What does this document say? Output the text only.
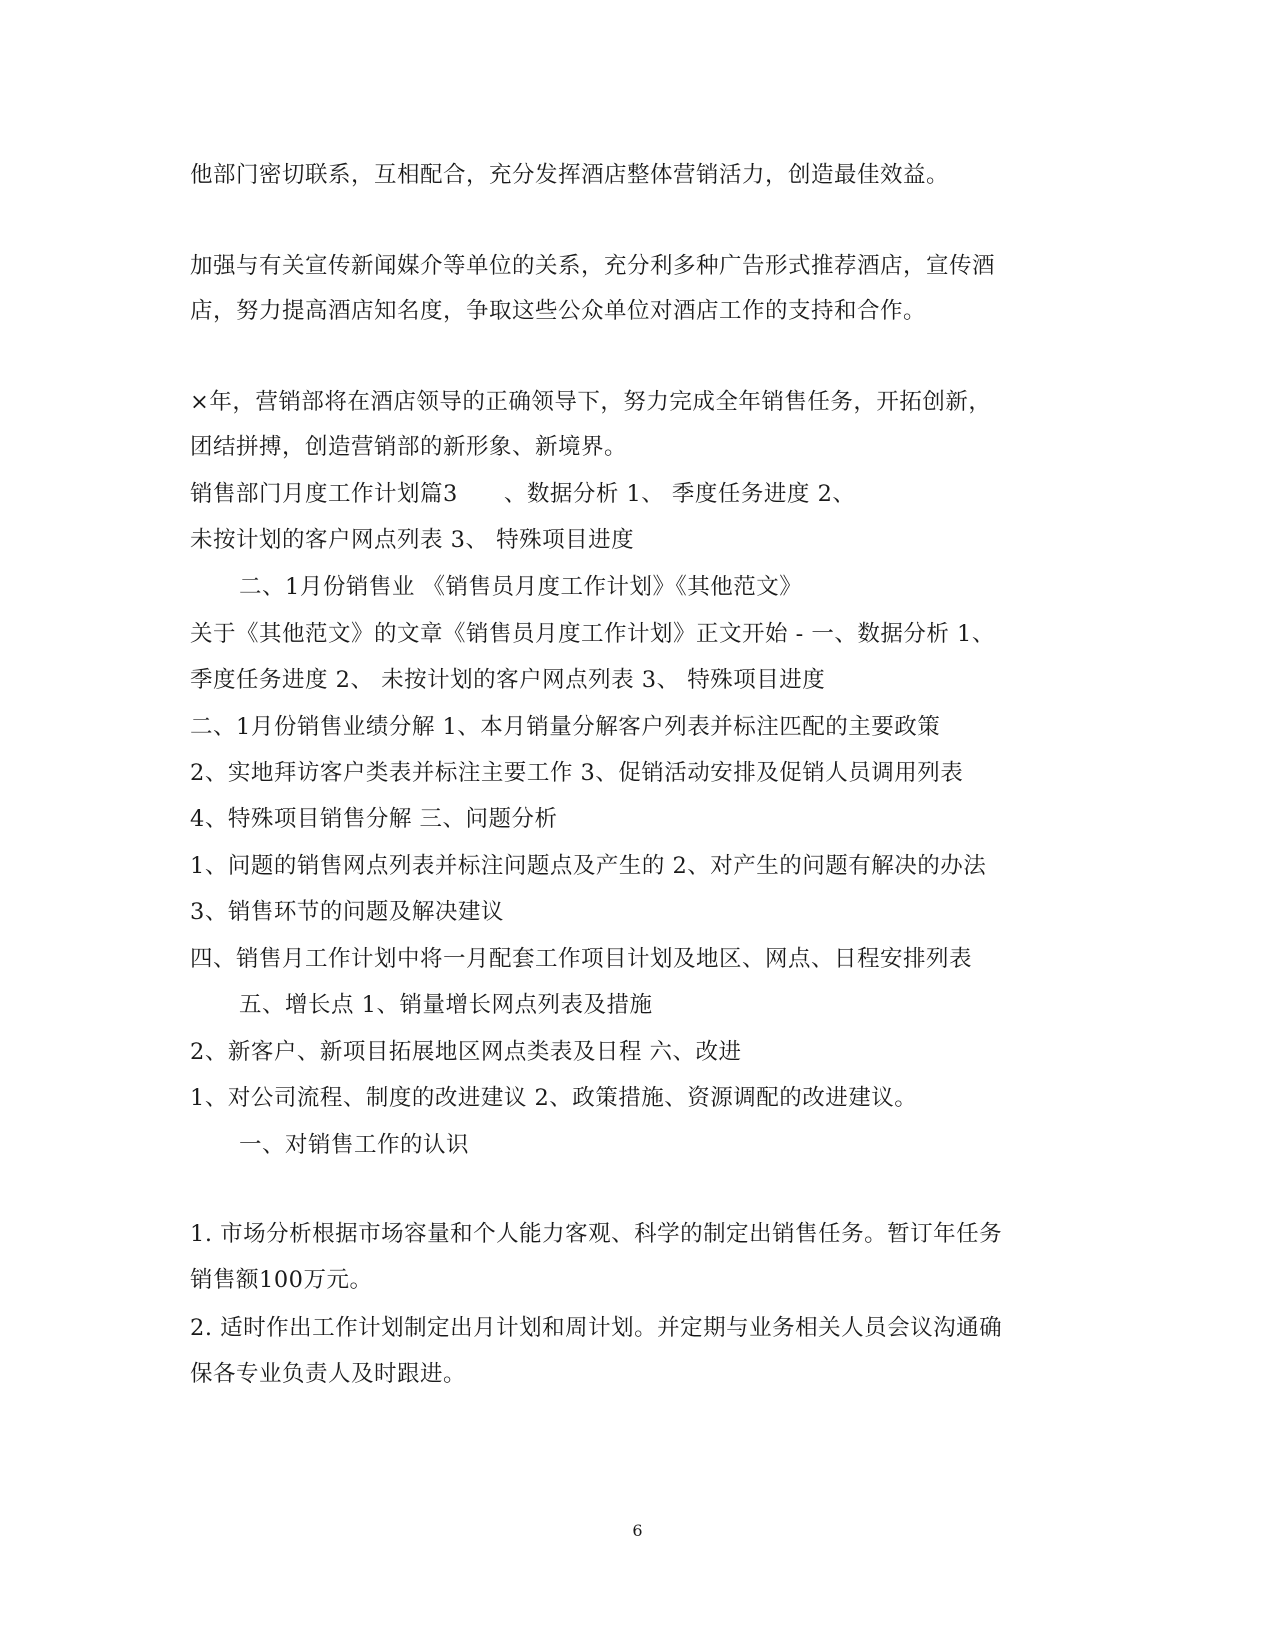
他部门密切联系，互相配合，充分发挥酒店整体营销活力，创造最佳效益。
加强与有关宣传新闻媒介等单位的关系，充分利多种广告形式推荐酒店，宣传酒
店，努力提高酒店知名度，争取这些公众单位对酒店工作的支持和合作。
×年，营销部将在酒店领导的正确领导下，努力完成全年销售任务，开拓创新，
团结拼搏，创造营销部的新形象、新境界。
销售部门月度工作计划篇3　　、数据分析 1、 季度任务进度 2、
未按计划的客户网点列表 3、 特殊项目进度
二、1月份销售业 《销售员月度工作计划》《其他范文》
关于《其他范文》的文章《销售员月度工作计划》正文开始 - 一、数据分析 1、
季度任务进度 2、 未按计划的客户网点列表 3、 特殊项目进度
二、1月份销售业绩分解 1、本月销量分解客户列表并标注匹配的主要政策
2、实地拜访客户类表并标注主要工作 3、促销活动安排及促销人员调用列表
4、特殊项目销售分解 三、问题分析
1、问题的销售网点列表并标注问题点及产生的 2、对产生的问题有解决的办法
3、销售环节的问题及解决建议
四、销售月工作计划中将一月配套工作项目计划及地区、网点、日程安排列表
五、增长点 1、销量增长网点列表及措施
2、新客户、新项目拓展地区网点类表及日程 六、改进
1、对公司流程、制度的改进建议 2、政策措施、资源调配的改进建议。
一、对销售工作的认识
1. 市场分析根据市场容量和个人能力客观、科学的制定出销售任务。暂订年任务
销售额100万元。
2. 适时作出工作计划制定出月计划和周计划。并定期与业务相关人员会议沟通确
保各专业负责人及时跟进。
6
